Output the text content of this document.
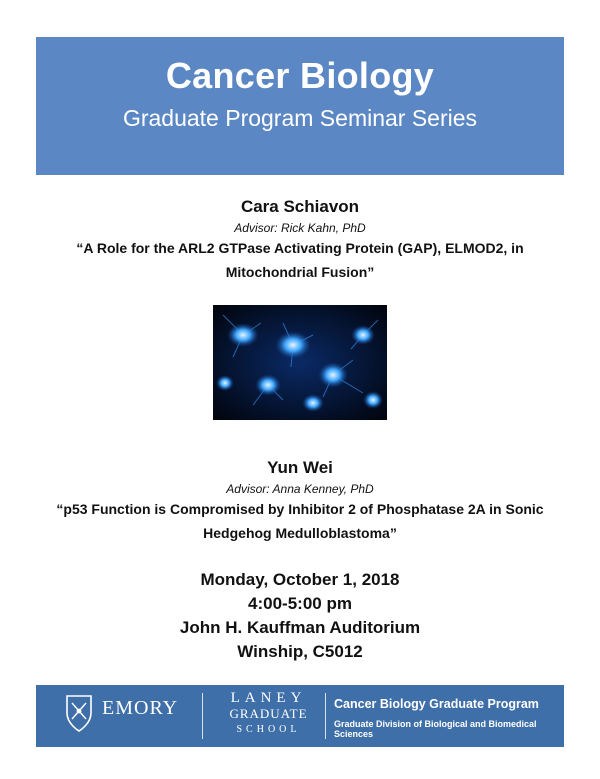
Cancer Biology
Graduate Program Seminar Series
Cara Schiavon
Advisor: Rick Kahn, PhD
“A Role for the ARL2 GTPase Activating Protein (GAP), ELMOD2, in
Mitochondrial Fusion”
Yun Wei
Advisor: Anna Kenney, PhD
“p53 Function is Compromised by Inhibitor 2 of Phosphatase 2A in Sonic
Hedgehog Medulloblastoma”
Monday, October 1, 2018
4:00-5:00 pm
John H. Kauffman Auditorium
Winship, C5012
EMORY	LANEY
GRADUATE
SCHOOL
Cancer Biology Graduate Program
Graduate Division of Biological and Biomedical Sciences
